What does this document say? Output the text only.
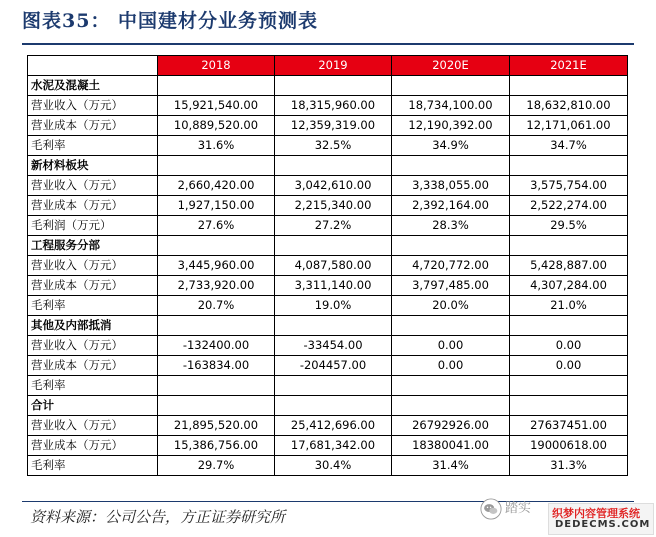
图表35： 中国建材分业务预测表
	2018	2019	2020E	2021E
水泥及混凝土				
营业收入（万元）	15,921,540.00	18,315,960.00	18,734,100.00	18,632,810.00
营业成本（万元）	10,889,520.00	12,359,319.00	12,190,392.00	12,171,061.00
毛利率	31.6%	32.5%	34.9%	34.7%
新材料板块				
营业收入（万元）	2,660,420.00	3,042,610.00	3,338,055.00	3,575,754.00
营业成本（万元）	1,927,150.00	2,215,340.00	2,392,164.00	2,522,274.00
毛利润（万元）	27.6%	27.2%	28.3%	29.5%
工程服务分部				
营业收入（万元）	3,445,960.00	4,087,580.00	4,720,772.00	5,428,887.00
营业成本（万元）	2,733,920.00	3,311,140.00	3,797,485.00	4,307,284.00
毛利率	20.7%	19.0%	20.0%	21.0%
其他及内部抵消				
营业收入（万元）	-132400.00	-33454.00	0.00	0.00
营业成本（万元）	-163834.00	-204457.00	0.00	0.00
毛利率				
合计				
营业收入（万元）	21,895,520.00	25,412,696.00	26792926.00	27637451.00
营业成本（万元）	15,386,756.00	17,681,342.00	18380041.00	19000618.00
毛利率	29.7%	30.4%	31.4%	31.3%
资料来源：公司公告，方正证券研究所	踏实 织梦内容管理系统
DEDECMS.COM
